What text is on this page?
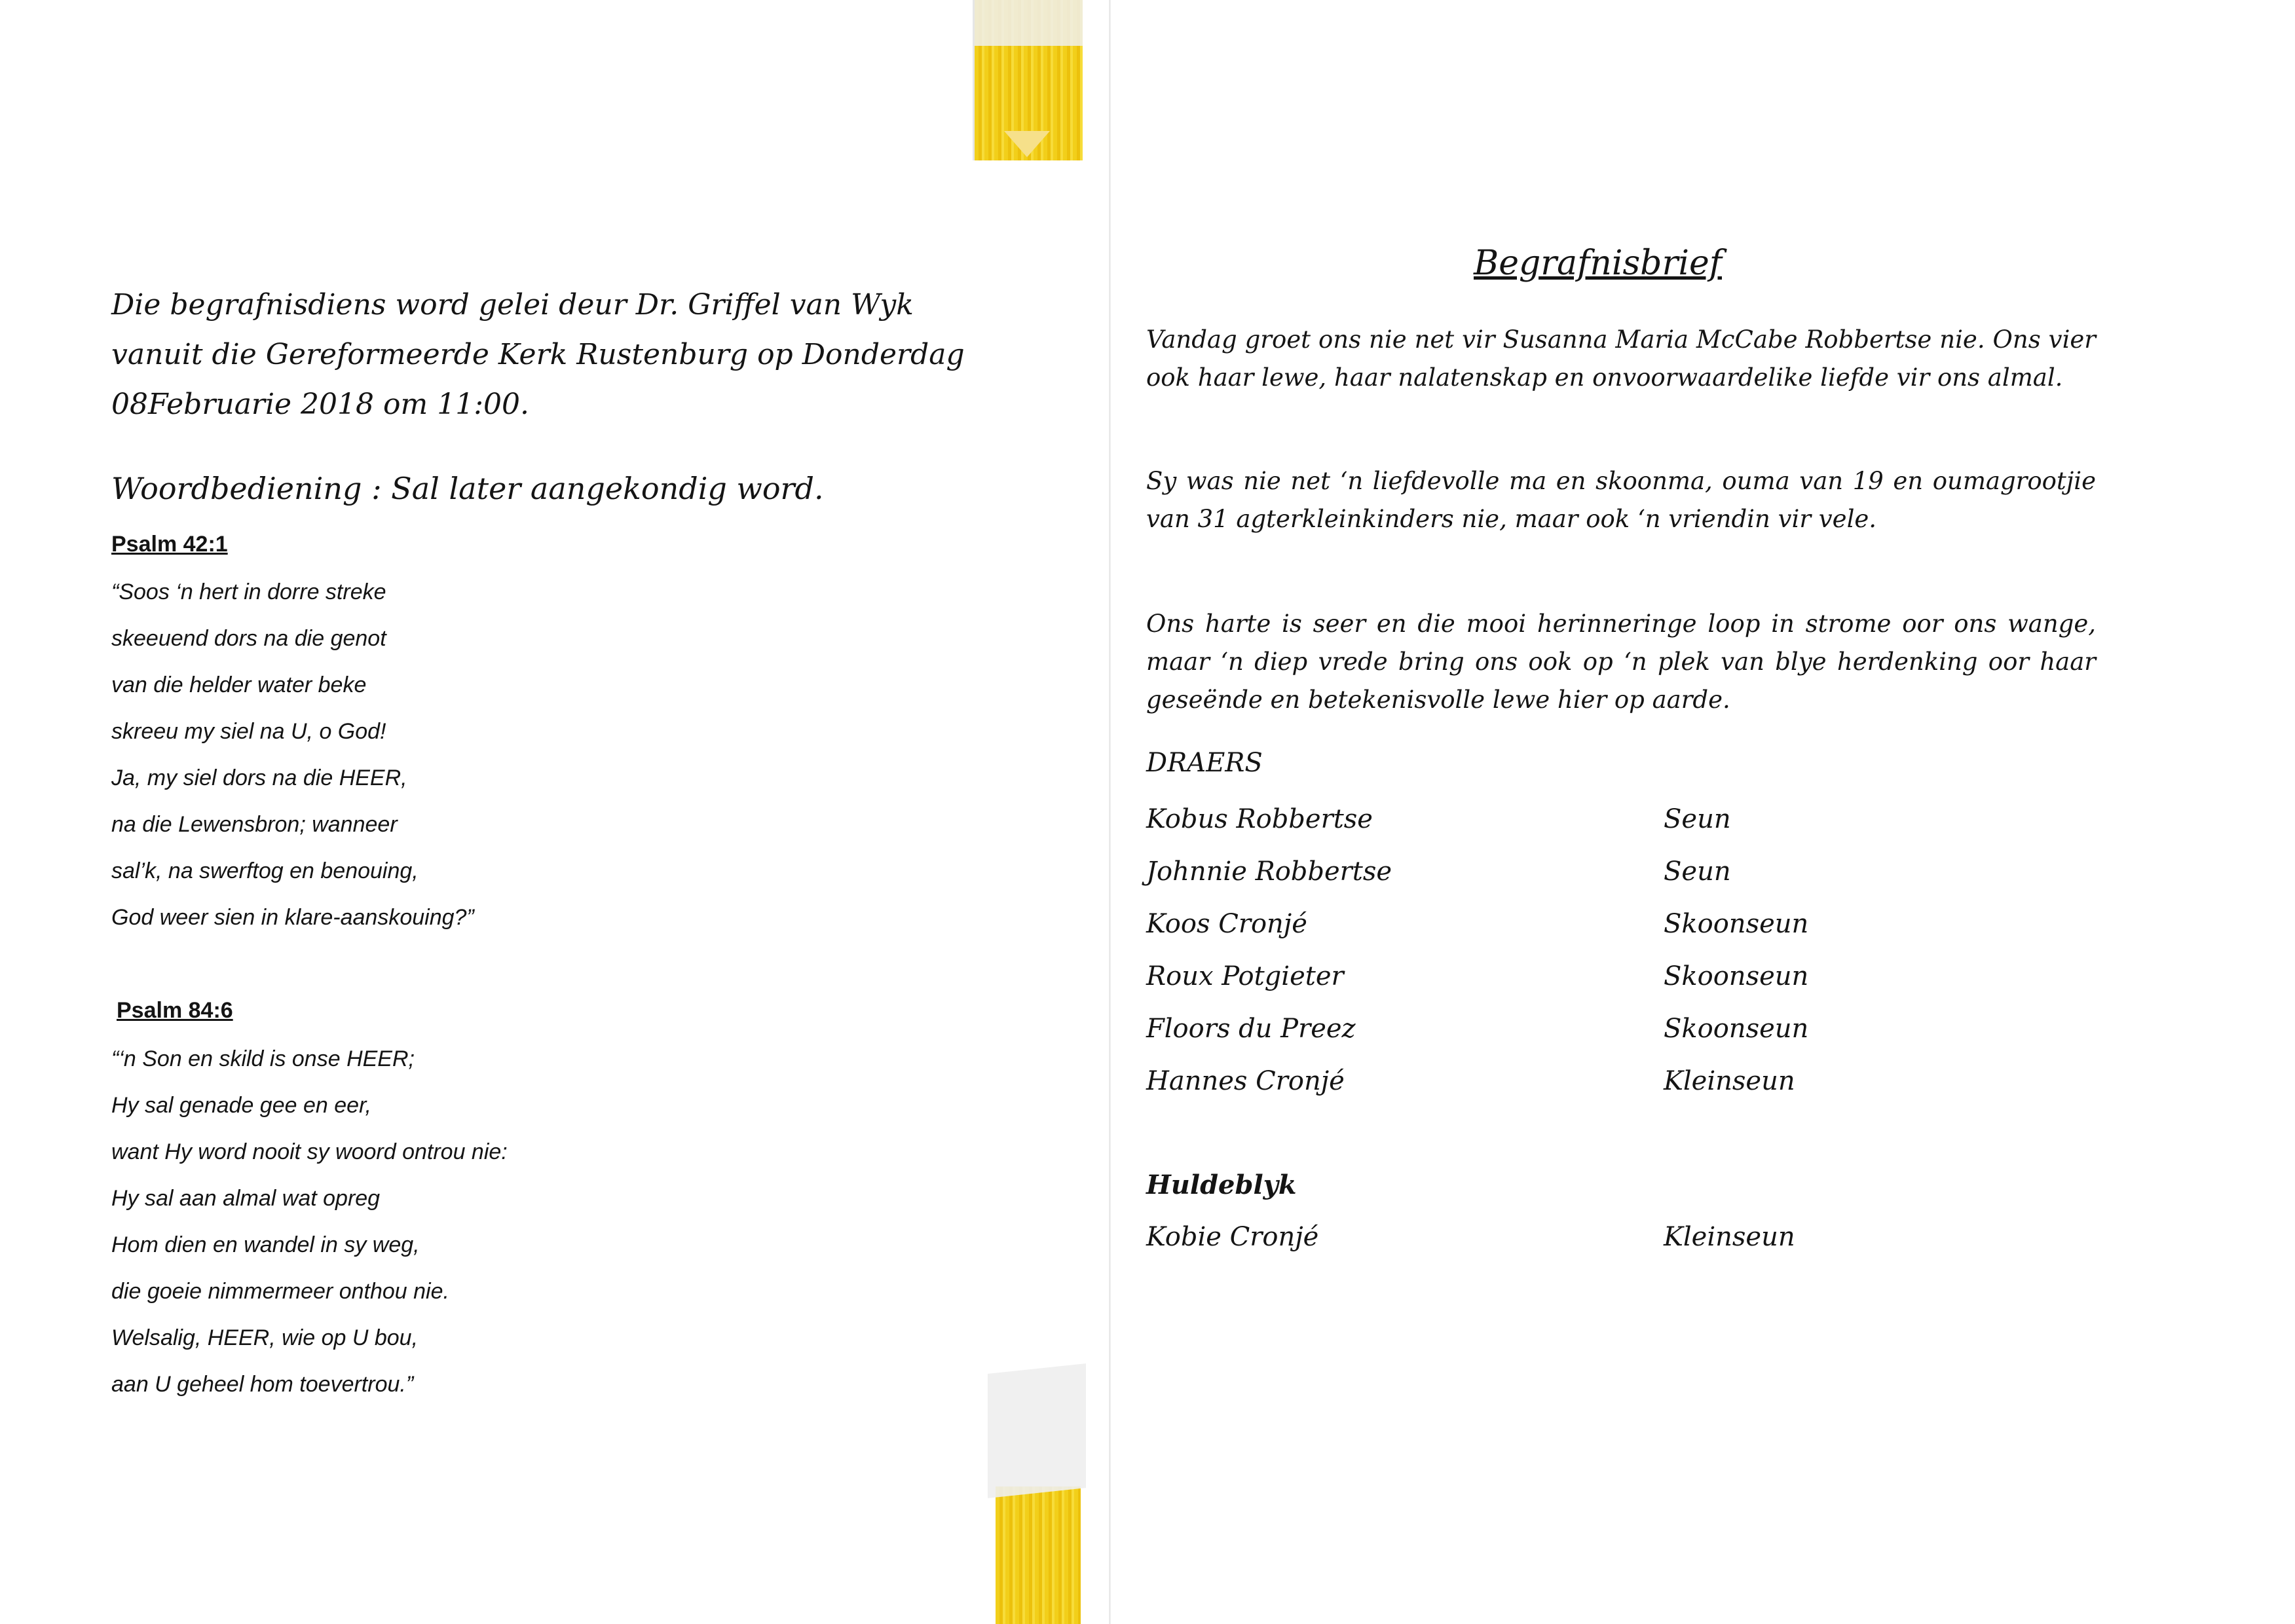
Die begrafnisdiens word gelei deur Dr. Griffel van Wyk
vanuit die Gereformeerde Kerk Rustenburg op Donderdag
08Februarie 2018 om 11:00.
Woordbediening : Sal later aangekondig word.
Psalm 42:1
“Soos ‘n hert in dorre streke
skeeuend dors na die genot
van die helder water beke
skreeu my siel na U, o God!
Ja, my siel dors na die HEER,
na die Lewensbron; wanneer
sal’k, na swerftog en benouing,
God weer sien in klare-aanskouing?”
Psalm 84:6
“‘n Son en skild is onse HEER;
Hy sal genade gee en eer,
want Hy word nooit sy woord ontrou nie:
Hy sal aan almal wat opreg
Hom dien en wandel in sy weg,
die goeie nimmermeer onthou nie.
Welsalig, HEER, wie op U bou,
aan U geheel hom toevertrou.”
Begrafnisbrief
Vandag groet ons nie net vir Susanna Maria McCabe Robbertse nie. Ons vier ook haar lewe, haar nalatenskap en onvoorwaardelike liefde vir ons almal.
Sy was nie net ‘n liefdevolle ma en skoonma, ouma van 19 en oumagrootjie van 31 agterkleinkinders nie, maar ook ‘n vriendin vir vele.
Ons harte is seer en die mooi herinneringe loop in strome oor ons wange, maar ‘n diep vrede bring ons ook op ‘n plek van blye herdenking oor haar geseënde en betekenisvolle lewe hier op aarde.
DRAERS
Kobus Robbertse	Seun
Johnnie Robbertse	Seun
Koos Cronjé	Skoonseun
Roux Potgieter	Skoonseun
Floors du Preez	Skoonseun
Hannes Cronjé	Kleinseun
Huldeblyk
Kobie Cronjé	Kleinseun
